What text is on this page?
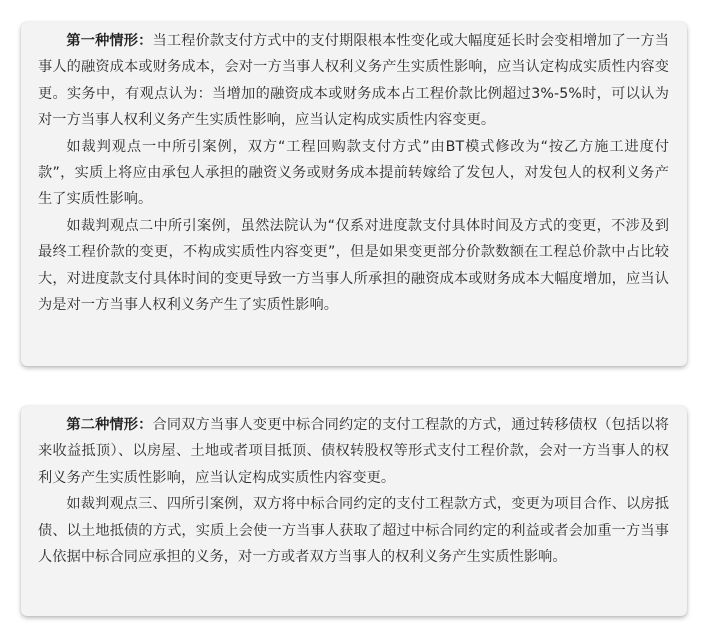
第一种情形：当工程价款支付方式中的支付期限根本性变化或大幅度延长时会变相增加了一方当事人的融资成本或财务成本，会对一方当事人权利义务产生实质性影响，应当认定构成实质性内容变更。实务中，有观点认为：当增加的融资成本或财务成本占工程价款比例超过3%-5%时，可以认为对一方当事人权利义务产生实质性影响，应当认定构成实质性内容变更。

如裁判观点一中所引案例，双方“工程回购款支付方式”由BT模式修改为“按乙方施工进度付款”，实质上将应由承包人承担的融资义务或财务成本提前转嫁给了发包人，对发包人的权利义务产生了实质性影响。

如裁判观点二中所引案例，虽然法院认为“仅系对进度款支付具体时间及方式的变更，不涉及到最终工程价款的变更，不构成实质性内容变更”，但是如果变更部分价款数额在工程总价款中占比较大，对进度款支付具体时间的变更导致一方当事人所承担的融资成本或财务成本大幅度增加，应当认为是对一方当事人权利义务产生了实质性影响。

第二种情形：合同双方当事人变更中标合同约定的支付工程款的方式，通过转移债权（包括以将来收益抵顶）、以房屋、土地或者项目抵顶、债权转股权等形式支付工程价款，会对一方当事人的权利义务产生实质性影响，应当认定构成实质性内容变更。

如裁判观点三、四所引案例，双方将中标合同约定的支付工程款方式，变更为项目合作、以房抵债、以土地抵债的方式，实质上会使一方当事人获取了超过中标合同约定的利益或者会加重一方当事人依据中标合同应承担的义务，对一方或者双方当事人的权利义务产生实质性影响。
